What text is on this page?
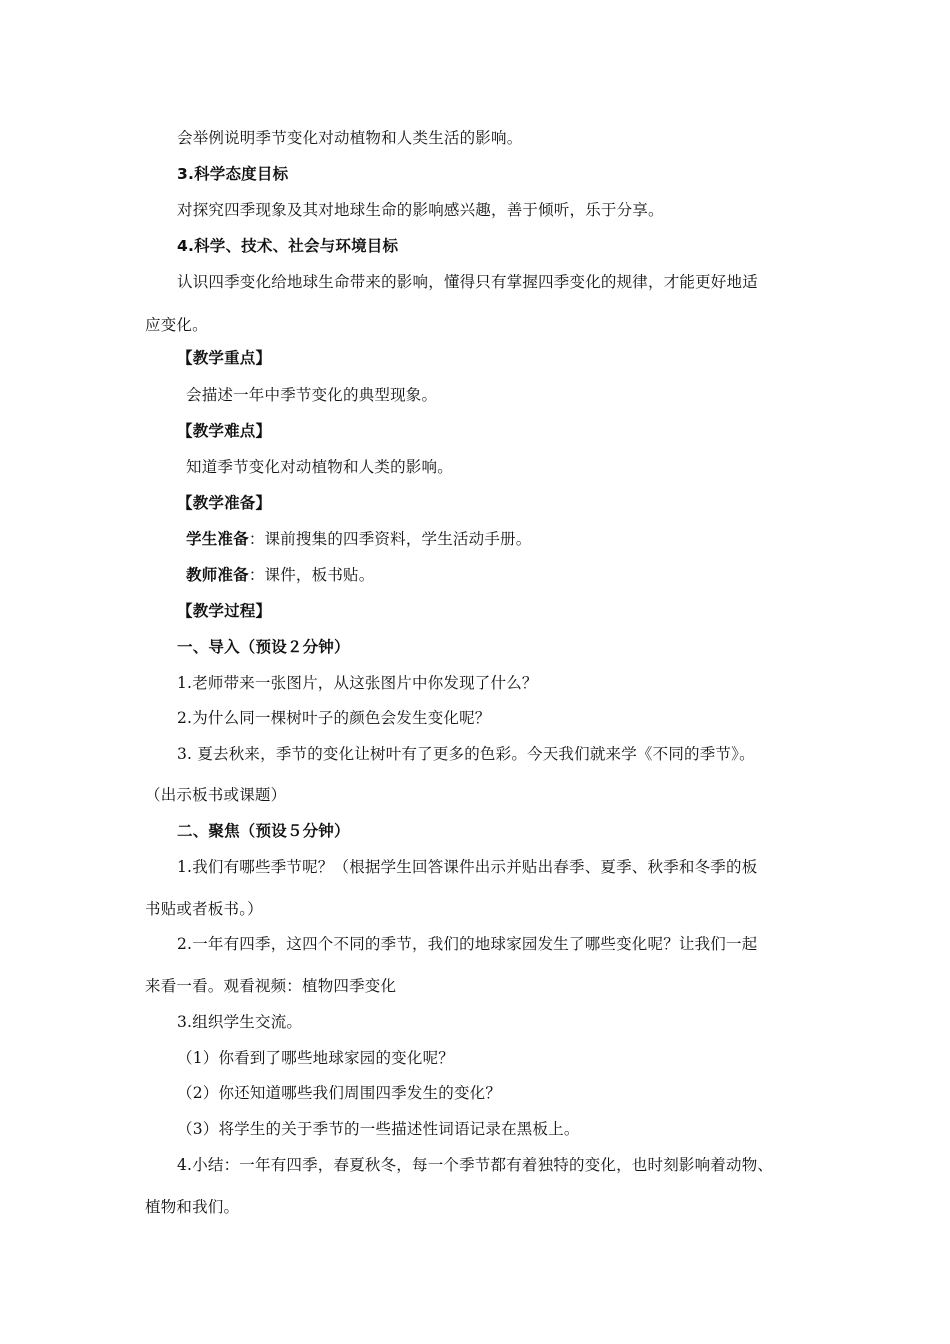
会举例说明季节变化对动植物和人类生活的影响。
3.科学态度目标
对探究四季现象及其对地球生命的影响感兴趣，善于倾听，乐于分享。
4.科学、技术、社会与环境目标
认识四季变化给地球生命带来的影响，懂得只有掌握四季变化的规律，才能更好地适
应变化。
【教学重点】
会描述一年中季节变化的典型现象。
【教学难点】
知道季节变化对动植物和人类的影响。
【教学准备】
学生准备：课前搜集的四季资料，学生活动手册。
教师准备：课件，板书贴。
【教学过程】
一、导入（预设２分钟）
1.老师带来一张图片，从这张图片中你发现了什么？
2.为什么同一棵树叶子的颜色会发生变化呢？
3. 夏去秋来，季节的变化让树叶有了更多的色彩。今天我们就来学《不同的季节》。
（出示板书或课题）
二、聚焦（预设５分钟）
1.我们有哪些季节呢？（根据学生回答课件出示并贴出春季、夏季、秋季和冬季的板
书贴或者板书。）
2.一年有四季，这四个不同的季节，我们的地球家园发生了哪些变化呢？让我们一起
来看一看。观看视频：植物四季变化
3.组织学生交流。
（1）你看到了哪些地球家园的变化呢？
（2）你还知道哪些我们周围四季发生的变化？
（3）将学生的关于季节的一些描述性词语记录在黑板上。
4.小结：一年有四季，春夏秋冬，每一个季节都有着独特的变化，也时刻影响着动物、
植物和我们。
